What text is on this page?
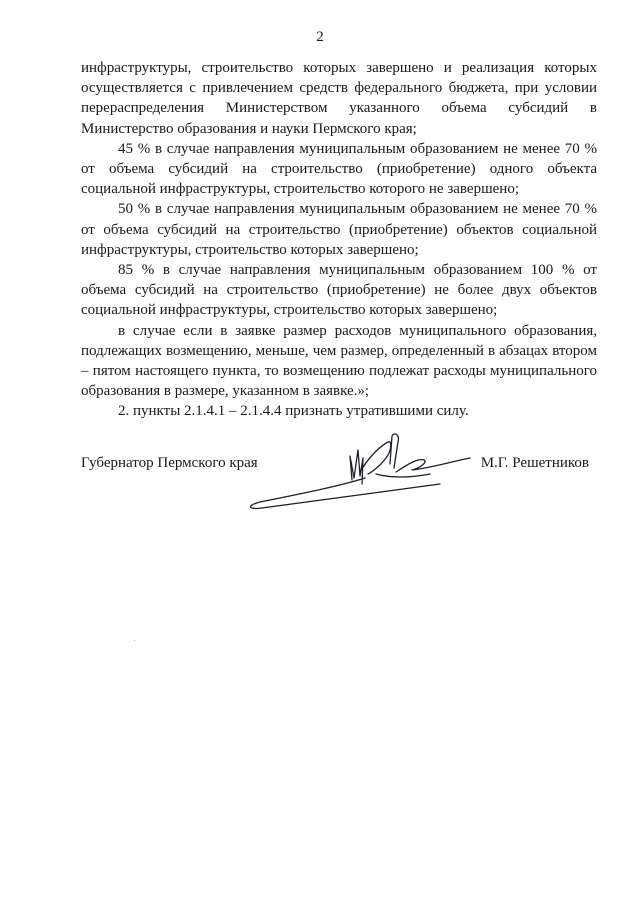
2

инфраструктуры, строительство которых завершено и реализация которых осуществляется с привлечением средств федерального бюджета, при условии перераспределения Министерством указанного объема субсидий в Министерство образования и науки Пермского края;

45 % в случае направления муниципальным образованием не менее 70 % от объема субсидий на строительство (приобретение) одного объекта социальной инфраструктуры, строительство которого не завершено;

50 % в случае направления муниципальным образованием не менее 70 % от объема субсидий на строительство (приобретение) объектов социальной инфраструктуры, строительство которых завершено;

85 % в случае направления муниципальным образованием 100 % от объема субсидий на строительство (приобретение) не более двух объектов социальной инфраструктуры, строительство которых завершено;

в случае если в заявке размер расходов муниципального образования, подлежащих возмещению, меньше, чем размер, определенный в абзацах втором – пятом настоящего пункта, то возмещению подлежат расходы муниципального образования в размере, указанном в заявке.»;

2. пункты 2.1.4.1 – 2.1.4.4 признать утратившими силу.

Губернатор Пермского края	М.Г. Решетников
